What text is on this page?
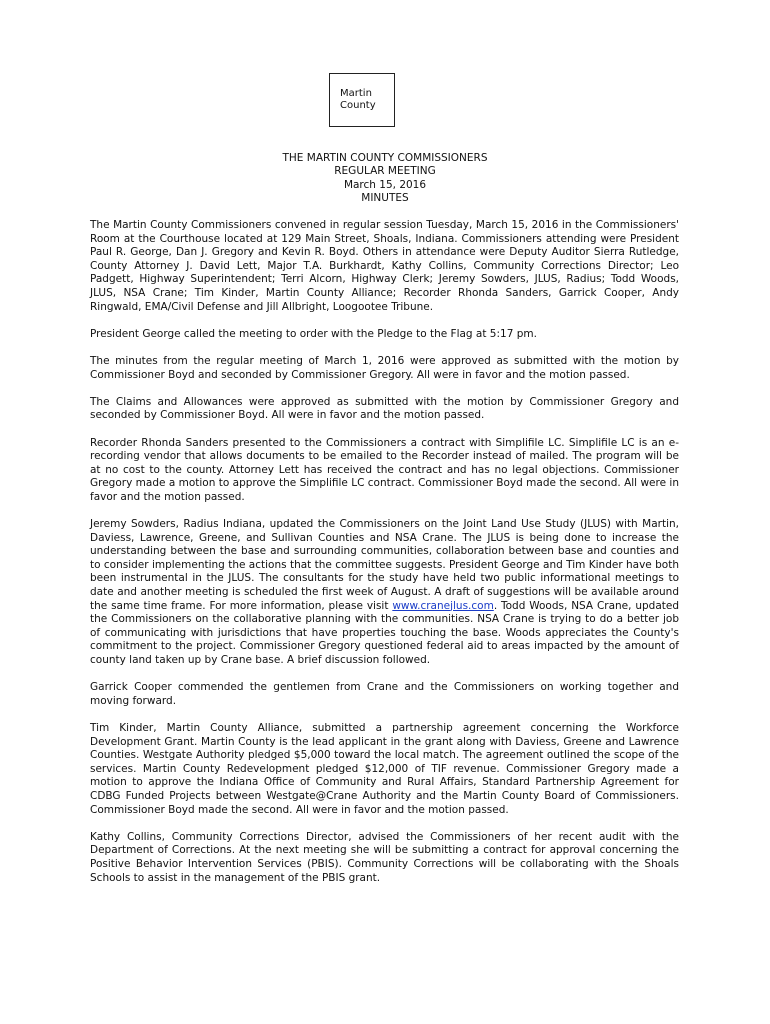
Martin
County
THE MARTIN COUNTY COMMISSIONERS
REGULAR MEETING
March 15, 2016
MINUTES

The Martin County Commissioners convened in regular session Tuesday, March 15, 2016 in the Commissioners' Room at the Courthouse located at 129 Main Street, Shoals, Indiana. Commissioners attending were President Paul R. George, Dan J. Gregory and Kevin R. Boyd. Others in attendance were Deputy Auditor Sierra Rutledge, County Attorney J. David Lett, Major T.A. Burkhardt, Kathy Collins, Community Corrections Director; Leo Padgett, Highway Superintendent; Terri Alcorn, Highway Clerk; Jeremy Sowders, JLUS, Radius; Todd Woods, JLUS, NSA Crane; Tim Kinder, Martin County Alliance; Recorder Rhonda Sanders, Garrick Cooper, Andy Ringwald, EMA/Civil Defense and Jill Allbright, Loogootee Tribune.

President George called the meeting to order with the Pledge to the Flag at 5:17 pm.

The minutes from the regular meeting of March 1, 2016 were approved as submitted with the motion by Commissioner Boyd and seconded by Commissioner Gregory. All were in favor and the motion passed.

The Claims and Allowances were approved as submitted with the motion by Commissioner Gregory and seconded by Commissioner Boyd. All were in favor and the motion passed.

Recorder Rhonda Sanders presented to the Commissioners a contract with Simplifile LC. Simplifile LC is an e-recording vendor that allows documents to be emailed to the Recorder instead of mailed. The program will be at no cost to the county. Attorney Lett has received the contract and has no legal objections. Commissioner Gregory made a motion to approve the Simplifile LC contract. Commissioner Boyd made the second. All were in favor and the motion passed.

Jeremy Sowders, Radius Indiana, updated the Commissioners on the Joint Land Use Study (JLUS) with Martin, Daviess, Lawrence, Greene, and Sullivan Counties and NSA Crane. The JLUS is being done to increase the understanding between the base and surrounding communities, collaboration between base and counties and to consider implementing the actions that the committee suggests. President George and Tim Kinder have both been instrumental in the JLUS. The consultants for the study have held two public informational meetings to date and another meeting is scheduled the first week of August. A draft of suggestions will be available around the same time frame. For more information, please visit www.cranejlus.com. Todd Woods, NSA Crane, updated the Commissioners on the collaborative planning with the communities. NSA Crane is trying to do a better job of communicating with jurisdictions that have properties touching the base. Woods appreciates the County's commitment to the project. Commissioner Gregory questioned federal aid to areas impacted by the amount of county land taken up by Crane base. A brief discussion followed.

Garrick Cooper commended the gentlemen from Crane and the Commissioners on working together and moving forward.

Tim Kinder, Martin County Alliance, submitted a partnership agreement concerning the Workforce Development Grant. Martin County is the lead applicant in the grant along with Daviess, Greene and Lawrence Counties. Westgate Authority pledged $5,000 toward the local match. The agreement outlined the scope of the services. Martin County Redevelopment pledged $12,000 of TIF revenue. Commissioner Gregory made a motion to approve the Indiana Office of Community and Rural Affairs, Standard Partnership Agreement for CDBG Funded Projects between Westgate@Crane Authority and the Martin County Board of Commissioners. Commissioner Boyd made the second. All were in favor and the motion passed.

Kathy Collins, Community Corrections Director, advised the Commissioners of her recent audit with the Department of Corrections. At the next meeting she will be submitting a contract for approval concerning the Positive Behavior Intervention Services (PBIS). Community Corrections will be collaborating with the Shoals Schools to assist in the management of the PBIS grant.
